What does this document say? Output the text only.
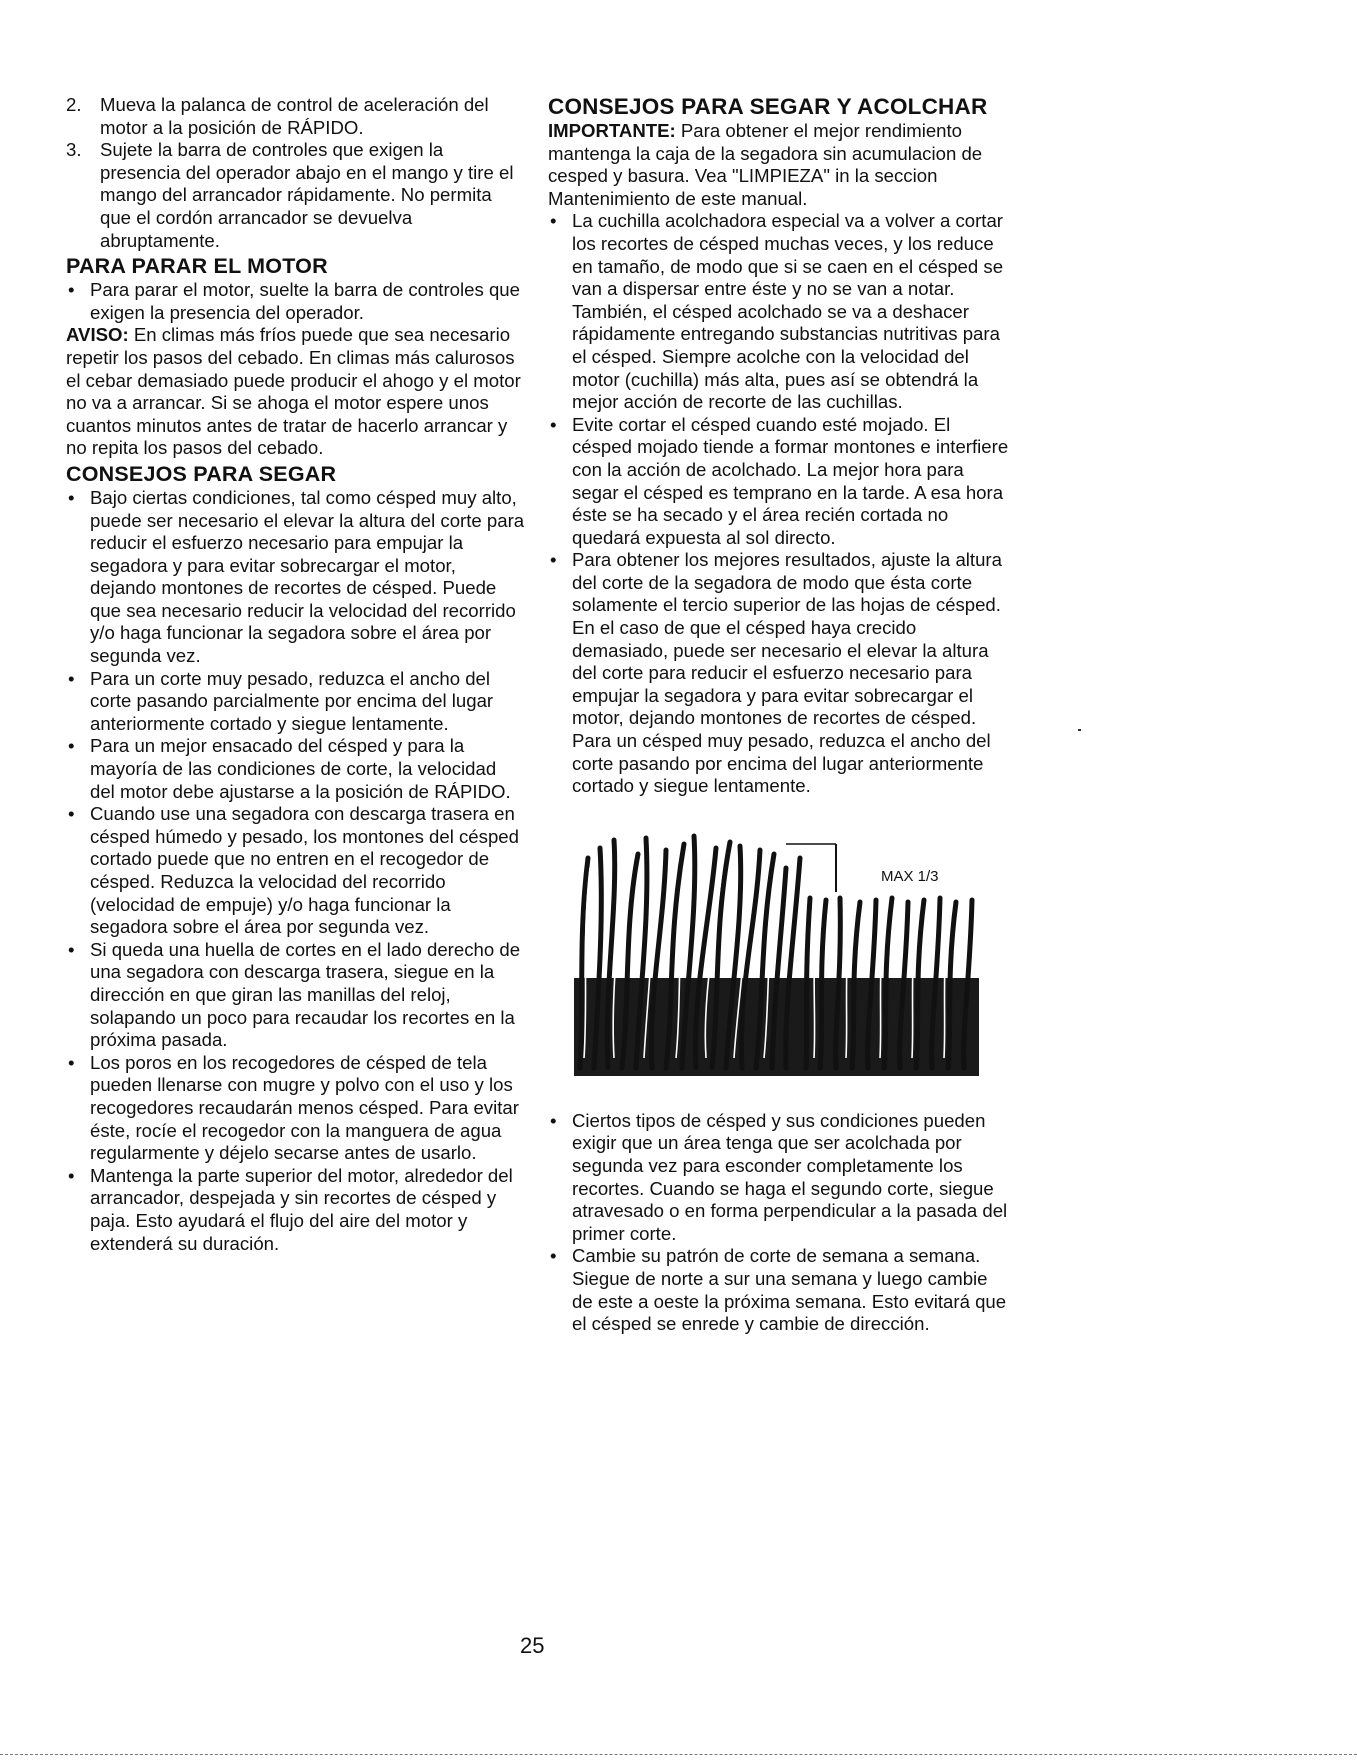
2. Mueva la palanca de control de aceleración del motor a la posición de RÁPIDO.
3. Sujete la barra de controles que exigen la presencia del operador abajo en el mango y tire el mango del arrancador rápidamente. No permita que el cordón arrancador se devuelva abruptamente.
PARA PARAR EL MOTOR
• Para parar el motor, suelte la barra de controles que exigen la presencia del operador.

AVISO: En climas más fríos puede que sea necesario repetir los pasos del cebado. En climas más calurosos el cebar demasiado puede producir el ahogo y el motor no va a arrancar. Si se ahoga el motor espere unos cuantos minutos antes de tratar de hacerlo arrancar y no repita los pasos del cebado.

CONSEJOS PARA SEGAR
• Bajo ciertas condiciones, tal como césped muy alto, puede ser necesario el elevar la altura del corte para reducir el esfuerzo necesario para empujar la segadora y para evitar sobrecargar el motor, dejando montones de recortes de césped. Puede que sea necesario reducir la velocidad del recorrido y/o haga funcionar la segadora sobre el área por segunda vez.
• Para un corte muy pesado, reduzca el ancho del corte pasando parcialmente por encima del lugar anteriormente cortado y siegue lentamente.
• Para un mejor ensacado del césped y para la mayoría de las condiciones de corte, la velocidad del motor debe ajustarse a la posición de RÁPIDO.
• Cuando use una segadora con descarga trasera en césped húmedo y pesado, los montones del césped cortado puede que no entren en el recogedor de césped. Reduzca la velocidad del recorrido (velocidad de empuje) y/o haga funcionar la segadora sobre el área por segunda vez.
• Si queda una huella de cortes en el lado derecho de una segadora con descarga trasera, siegue en la dirección en que giran las manillas del reloj, solapando un poco para recaudar los recortes en la próxima pasada.
• Los poros en los recogedores de césped de tela pueden llenarse con mugre y polvo con el uso y los recogedores recaudarán menos césped. Para evitar éste, rocíe el recogedor con la manguera de agua regularmente y déjelo secarse antes de usarlo.
• Mantenga la parte superior del motor, alrededor del arrancador, despejada y sin recortes de césped y paja. Esto ayudará el flujo del aire del motor y extenderá su duración.
CONSEJOS PARA SEGAR Y ACOLCHAR

IMPORTANTE: Para obtener el mejor rendimiento mantenga la caja de la segadora sin acumulacion de cesped y basura. Vea "LIMPIEZA" in la seccion Mantenimiento de este manual.

• La cuchilla acolchadora especial va a volver a cortar los recortes de césped muchas veces, y los reduce en tamaño, de modo que si se caen en el césped se van a dispersar entre éste y no se van a notar. También, el césped acolchado se va a deshacer rápidamente entregando substancias nutritivas para el césped. Siempre acolche con la velocidad del motor (cuchilla) más alta, pues así se obtendrá la mejor acción de recorte de las cuchillas.
• Evite cortar el césped cuando esté mojado. El césped mojado tiende a formar montones e interfiere con la acción de acolchado. La mejor hora para segar el césped es temprano en la tarde. A esa hora éste se ha secado y el área recién cortada no quedará expuesta al sol directo.
• Para obtener los mejores resultados, ajuste la altura del corte de la segadora de modo que ésta corte solamente el tercio superior de las hojas de césped. En el caso de que el césped haya crecido demasiado, puede ser necesario el elevar la altura del corte para reducir el esfuerzo necesario para empujar la segadora y para evitar sobrecargar el motor, dejando montones de recortes de césped. Para un césped muy pesado, reduzca el ancho del corte pasando por encima del lugar anteriormente cortado y siegue lentamente.
MAX 1/3
• Ciertos tipos de césped y sus condiciones pueden exigir que un área tenga que ser acolchada por segunda vez para esconder completamente los recortes. Cuando se haga el segundo corte, siegue atravesado o en forma perpendicular a la pasada del primer corte.
• Cambie su patrón de corte de semana a semana. Siegue de norte a sur una semana y luego cambie de este a oeste la próxima semana. Esto evitará que el césped se enrede y cambie de dirección.
25
